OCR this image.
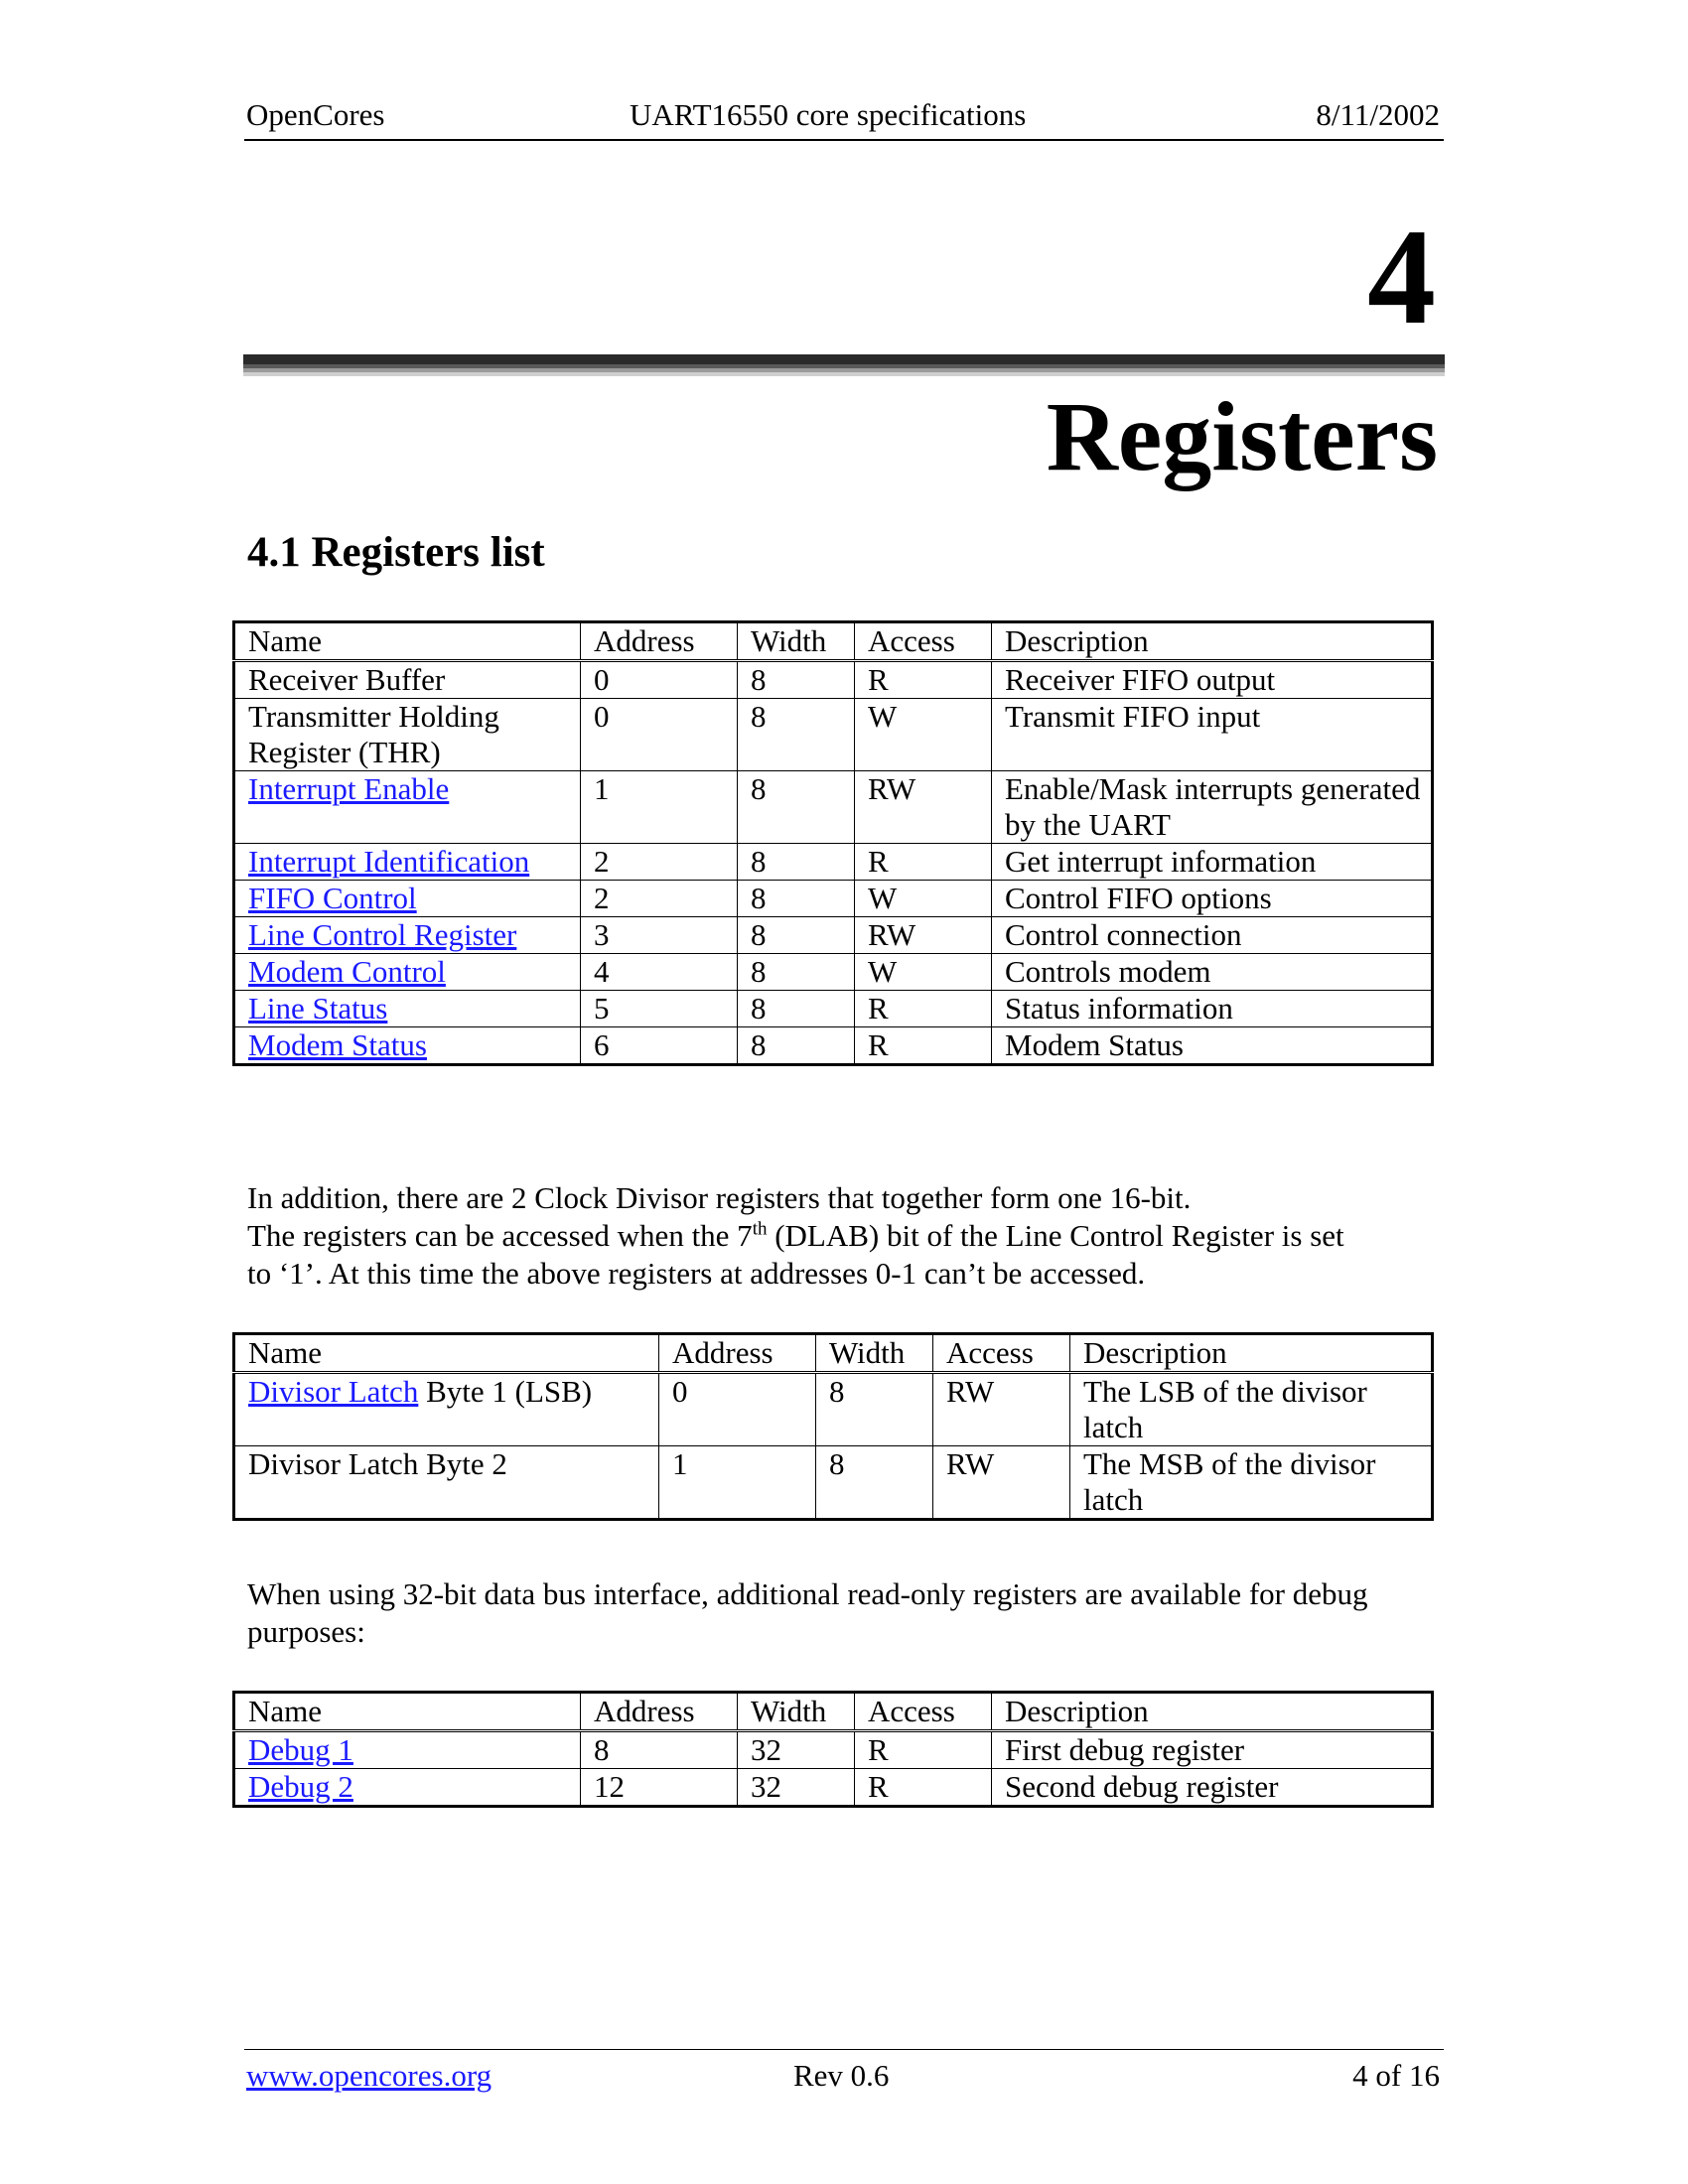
OpenCores	UART16550 core specifications	8/11/2002
4
Registers
4.1 Registers list
Name	Address	Width	Access	Description
Receiver Buffer	0	8	R	Receiver FIFO output
Transmitter Holding Register (THR)	0	8	W	Transmit FIFO input
Interrupt Enable	1	8	RW	Enable/Mask interrupts generated by the UART
Interrupt Identification	2	8	R	Get interrupt information
FIFO Control	2	8	W	Control FIFO options
Line Control Register	3	8	RW	Control connection
Modem Control	4	8	W	Controls modem
Line Status	5	8	R	Status information
Modem Status	6	8	R	Modem Status
In addition, there are 2 Clock Divisor registers that together form one 16-bit.
The registers can be accessed when the 7th (DLAB) bit of the Line Control Register is set
to ‘1’. At this time the above registers at addresses 0-1 can’t be accessed.
Name	Address	Width	Access	Description
Divisor Latch Byte 1 (LSB)	0	8	RW	The LSB of the divisor latch
Divisor Latch Byte 2	1	8	RW	The MSB of the divisor latch
When using 32-bit data bus interface, additional read-only registers are available for debug purposes:
Name	Address	Width	Access	Description
Debug 1	8	32	R	First debug register
Debug 2	12	32	R	Second debug register
www.opencores.org	Rev 0.6	4 of 16
